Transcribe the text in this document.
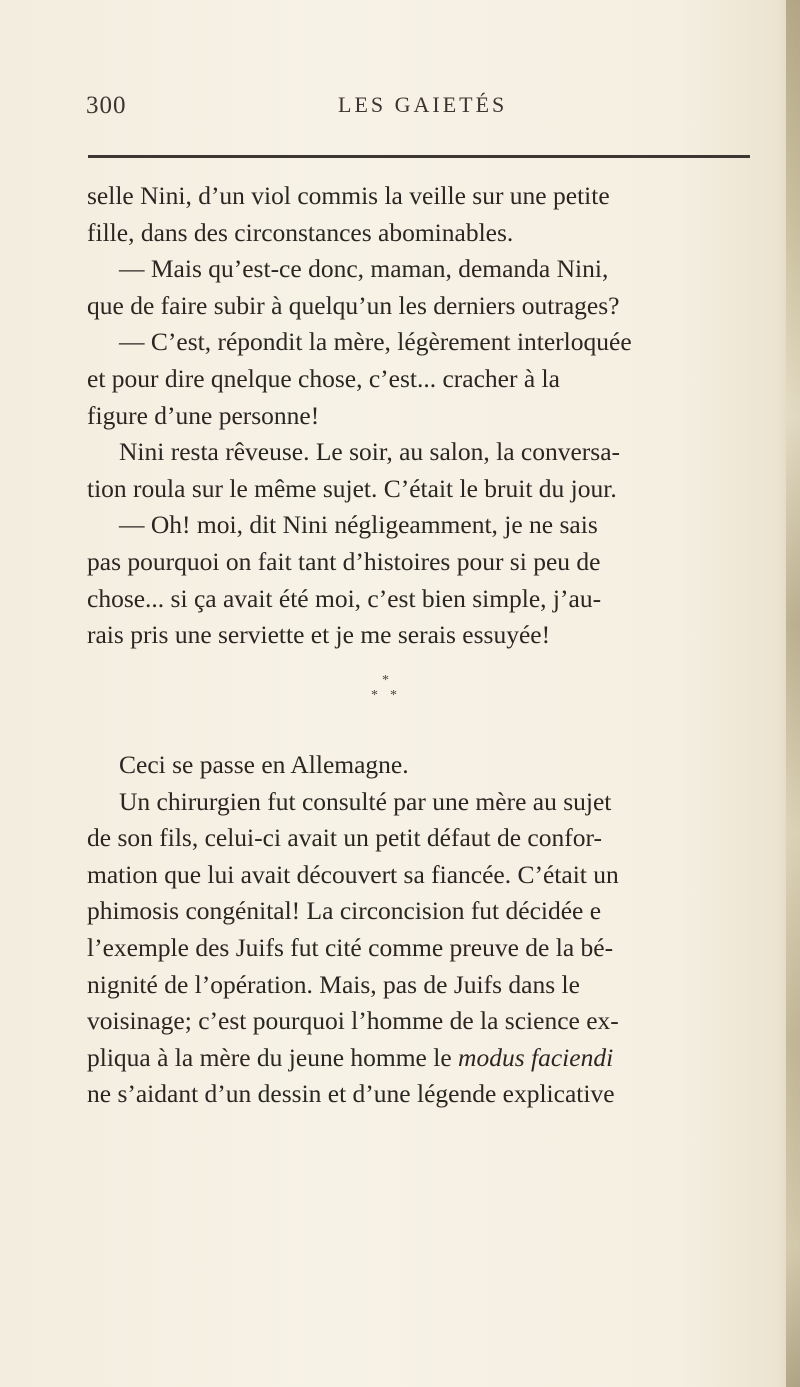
300	LES GAIETÉS
selle Nini, d’un viol commis la veille sur une petite
fille, dans des circonstances abominables.
— Mais qu’est-ce donc, maman, demanda Nini,
que de faire subir à quelqu’un les derniers outrages?
— C’est, répondit la mère, légèrement interloquée
et pour dire qnelque chose, c’est... cracher à la
figure d’une personne!
Nini resta rêveuse. Le soir, au salon, la conversa-
tion roula sur le même sujet. C’était le bruit du jour.
— Oh! moi, dit Nini négligeamment, je ne sais
pas pourquoi on fait tant d’histoires pour si peu de
chose... si ça avait été moi, c’est bien simple, j’au-
rais pris une serviette et je me serais essuyée!
*
* *
Ceci se passe en Allemagne.
Un chirurgien fut consulté par une mère au sujet
de son fils, celui-ci avait un petit défaut de confor-
mation que lui avait découvert sa fiancée. C’était un
phimosis congénital! La circoncision fut décidée e
l’exemple des Juifs fut cité comme preuve de la bé-
nignité de l’opération. Mais, pas de Juifs dans le
voisinage; c’est pourquoi l’homme de la science ex-
pliqua à la mère du jeune homme le modus faciendi
ne s’aidant d’un dessin et d’une légende explicative
